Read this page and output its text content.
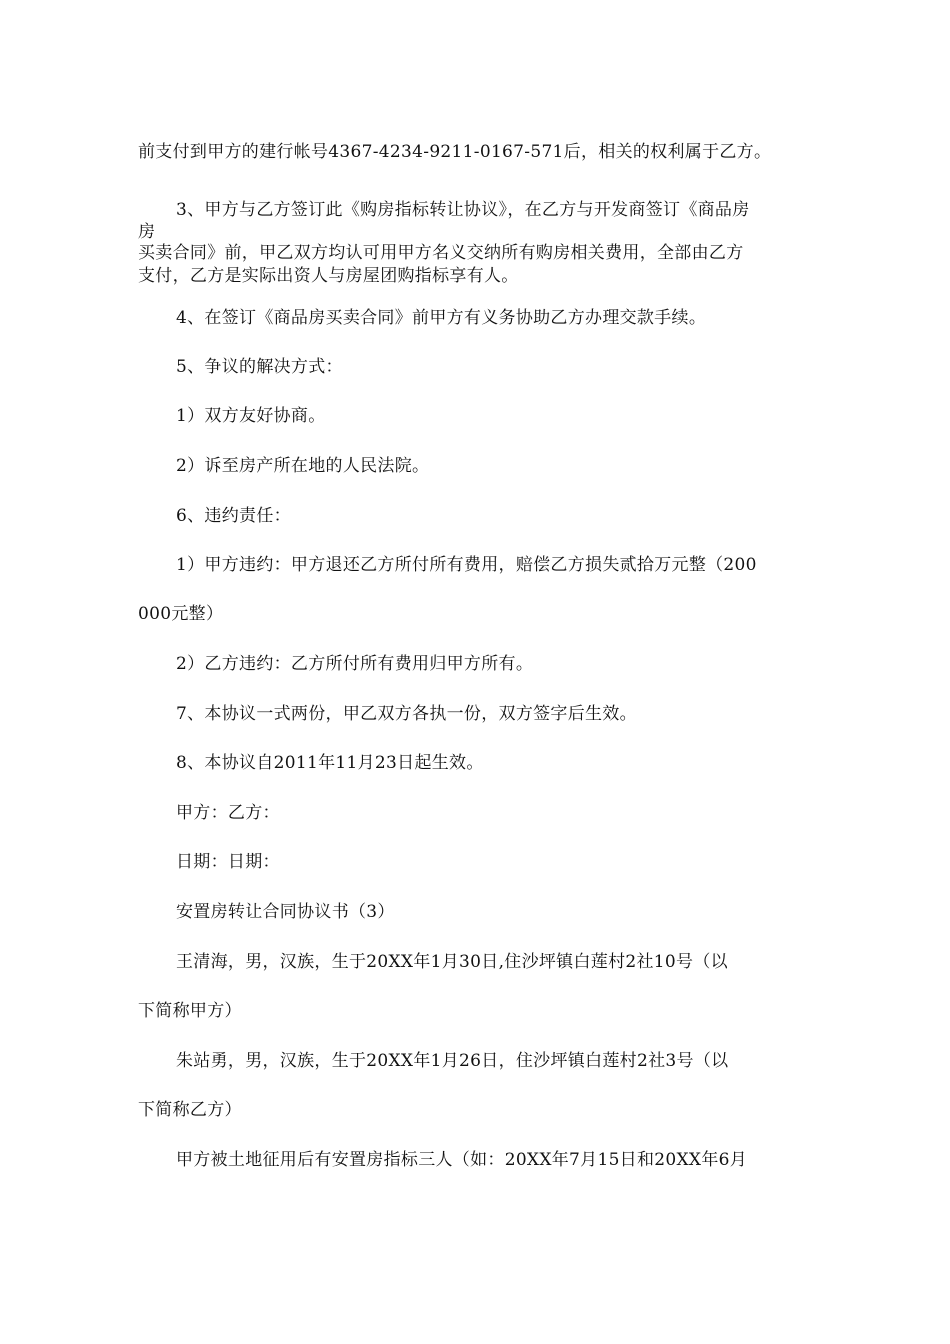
前支付到甲方的建行帐号4367-4234-9211-0167-571后，相关的权利属于乙方。
3、甲方与乙方签订此《购房指标转让协议》，在乙方与开发商签订《商品房
房
买卖合同》前，甲乙双方均认可用甲方名义交纳所有购房相关费用，全部由乙方
支付，乙方是实际出资人与房屋团购指标享有人。
4、在签订《商品房买卖合同》前甲方有义务协助乙方办理交款手续。
5、争议的解决方式：
1）双方友好协商。
2）诉至房产所在地的人民法院。
6、违约责任：
1）甲方违约：甲方退还乙方所付所有费用，赔偿乙方损失贰拾万元整（200
000元整）
2）乙方违约：乙方所付所有费用归甲方所有。
7、本协议一式两份，甲乙双方各执一份，双方签字后生效。
8、本协议自2011年11月23日起生效。
甲方：乙方：
日期：日期：
安置房转让合同协议书（3）
王清海，男，汉族，生于20XX年1月30日,住沙坪镇白莲村2社10号（以
下简称甲方）
朱站勇，男，汉族，生于20XX年1月26日，住沙坪镇白莲村2社3号（以
下简称乙方）
甲方被土地征用后有安置房指标三人（如：20XX年7月15日和20XX年6月
